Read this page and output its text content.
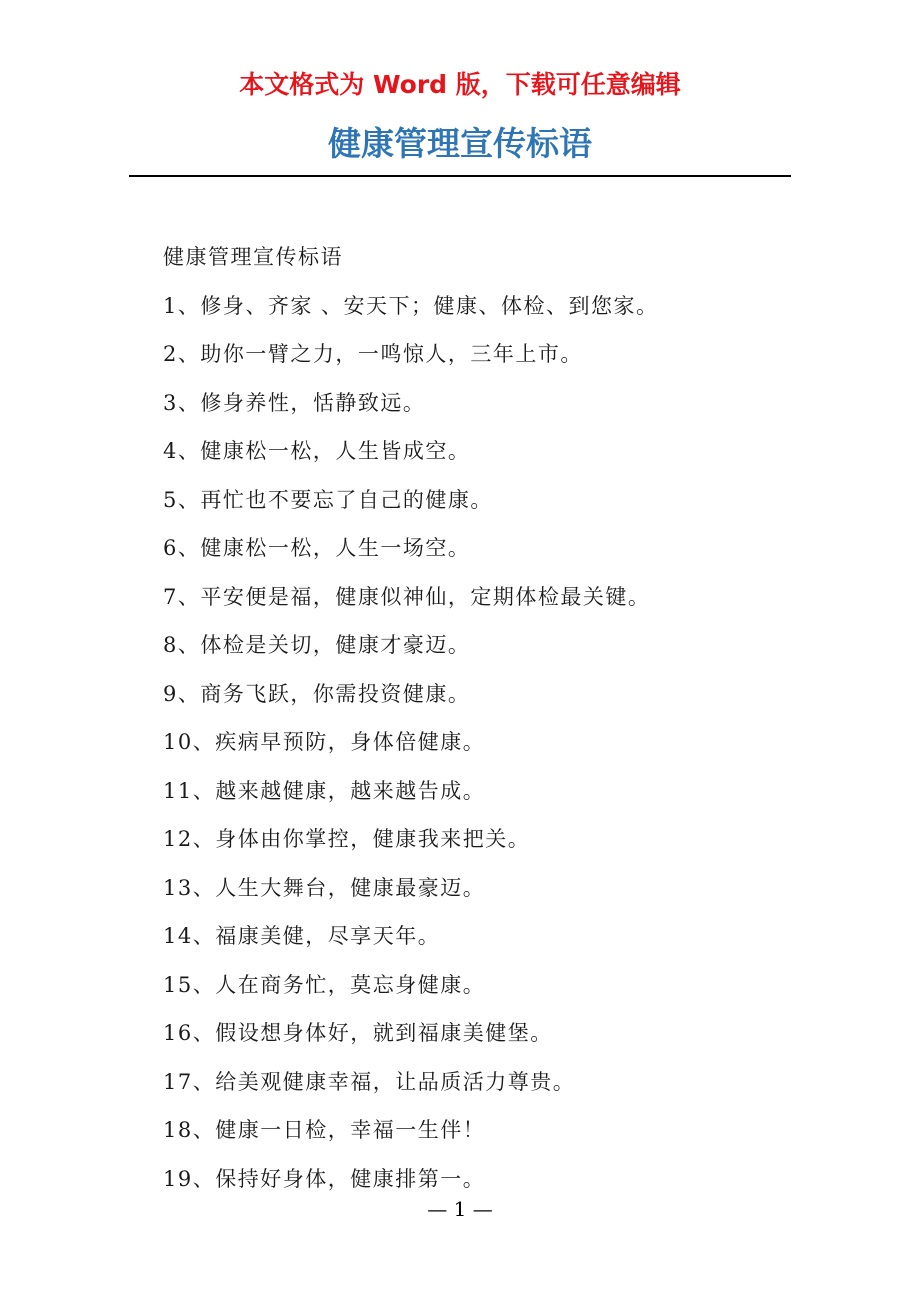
本文格式为 Word 版，下载可任意编辑
健康管理宣传标语
健康管理宣传标语
1、修身、齐家 、安天下；健康、体检、到您家。
2、助你一臂之力，一鸣惊人，三年上市。
3、修身养性，恬静致远。
4、健康松一松，人生皆成空。
5、再忙也不要忘了自己的健康。
6、健康松一松，人生一场空。
7、平安便是福，健康似神仙，定期体检最关键。
8、体检是关切，健康才豪迈。
9、商务飞跃，你需投资健康。
10、疾病早预防，身体倍健康。
11、越来越健康，越来越告成。
12、身体由你掌控，健康我来把关。
13、人生大舞台，健康最豪迈。
14、福康美健，尽享天年。
15、人在商务忙，莫忘身健康。
16、假设想身体好，就到福康美健堡。
17、给美观健康幸福，让品质活力尊贵。
18、健康一日检，幸福一生伴！
19、保持好身体，健康排第一。
— 1 —
